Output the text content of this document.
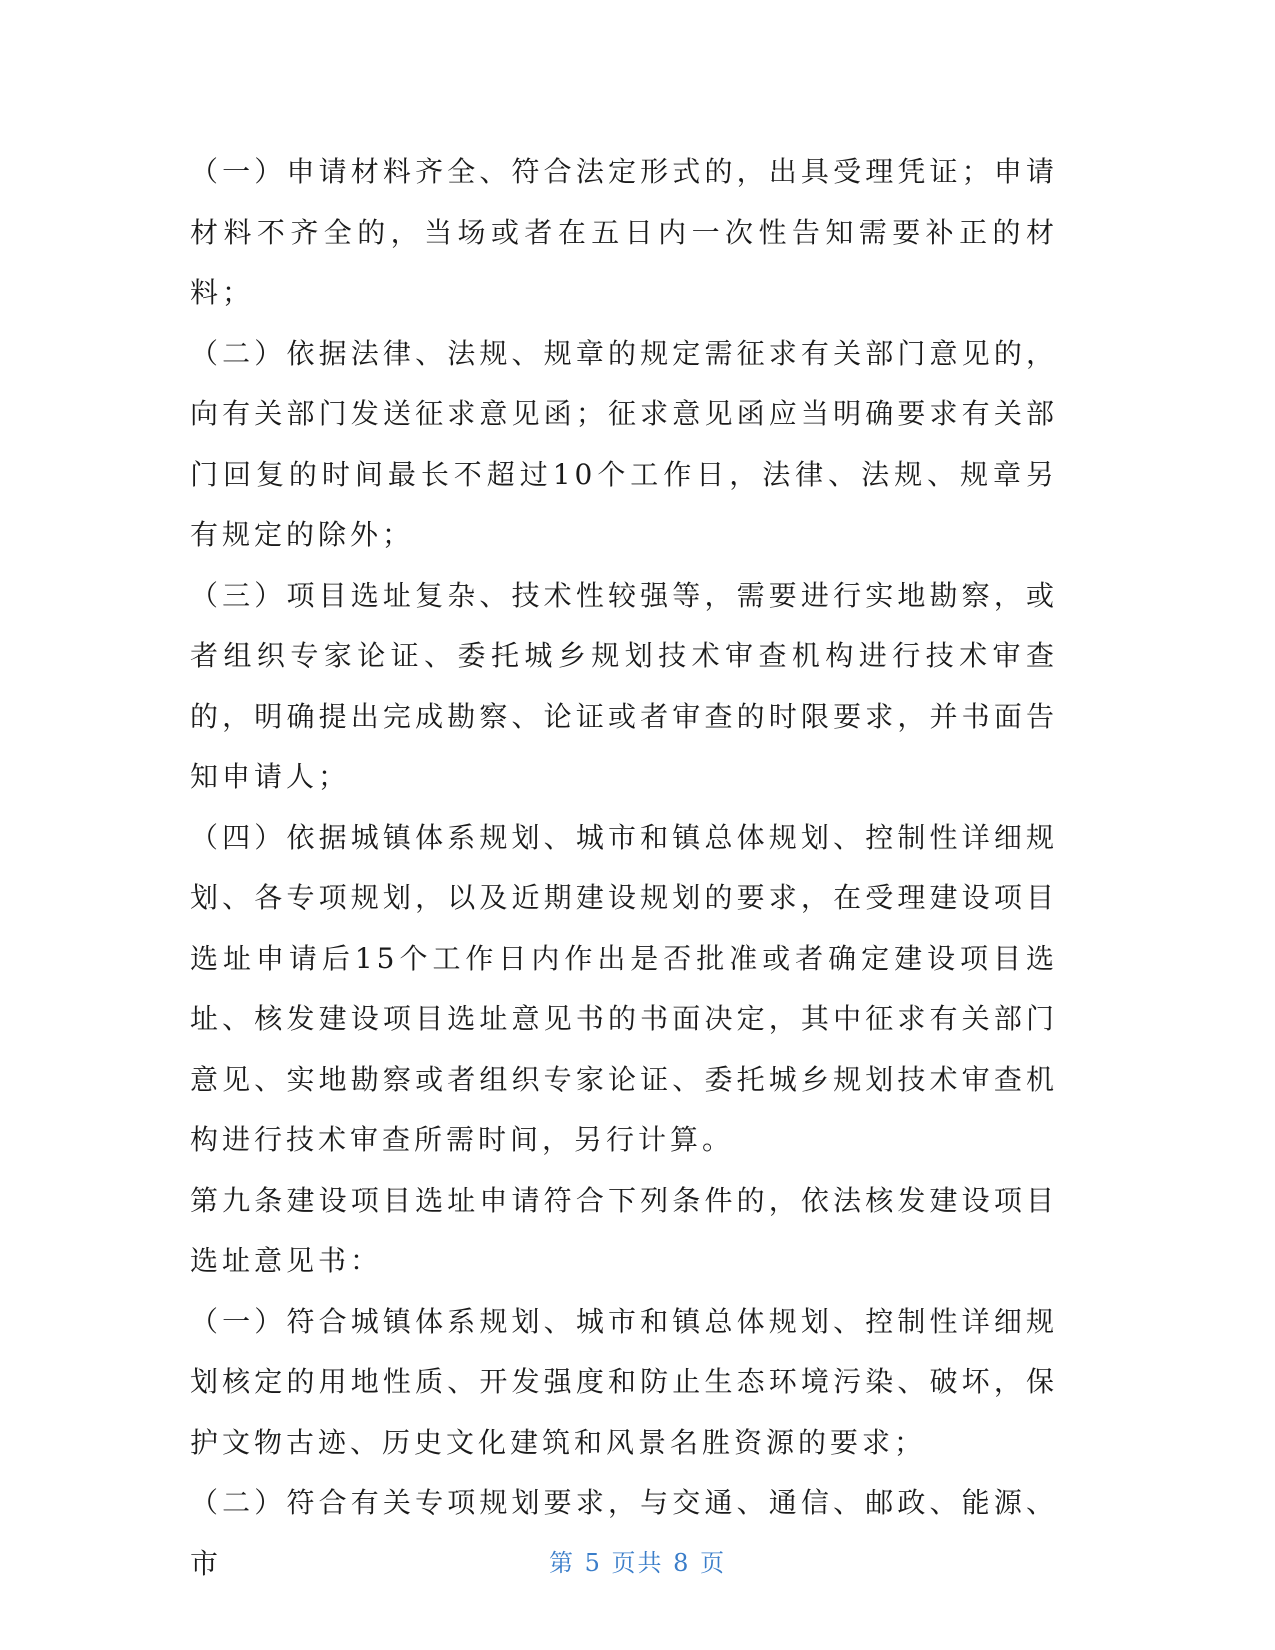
（一）申请材料齐全、符合法定形式的，出具受理凭证；申请材料不齐全的，当场或者在五日内一次性告知需要补正的材料；

（二）依据法律、法规、规章的规定需征求有关部门意见的，向有关部门发送征求意见函；征求意见函应当明确要求有关部门回复的时间最长不超过10个工作日，法律、法规、规章另有规定的除外；

（三）项目选址复杂、技术性较强等，需要进行实地勘察，或者组织专家论证、委托城乡规划技术审查机构进行技术审查的，明确提出完成勘察、论证或者审查的时限要求，并书面告知申请人；

（四）依据城镇体系规划、城市和镇总体规划、控制性详细规划、各专项规划，以及近期建设规划的要求，在受理建设项目选址申请后15个工作日内作出是否批准或者确定建设项目选址、核发建设项目选址意见书的书面决定，其中征求有关部门意见、实地勘察或者组织专家论证、委托城乡规划技术审查机构进行技术审查所需时间，另行计算。

第九条建设项目选址申请符合下列条件的，依法核发建设项目选址意见书：

（一）符合城镇体系规划、城市和镇总体规划、控制性详细规划核定的用地性质、开发强度和防止生态环境污染、破坏，保护文物古迹、历史文化建筑和风景名胜资源的要求；

（二）符合有关专项规划要求，与交通、通信、邮政、能源、市	第 5 页共 8 页
